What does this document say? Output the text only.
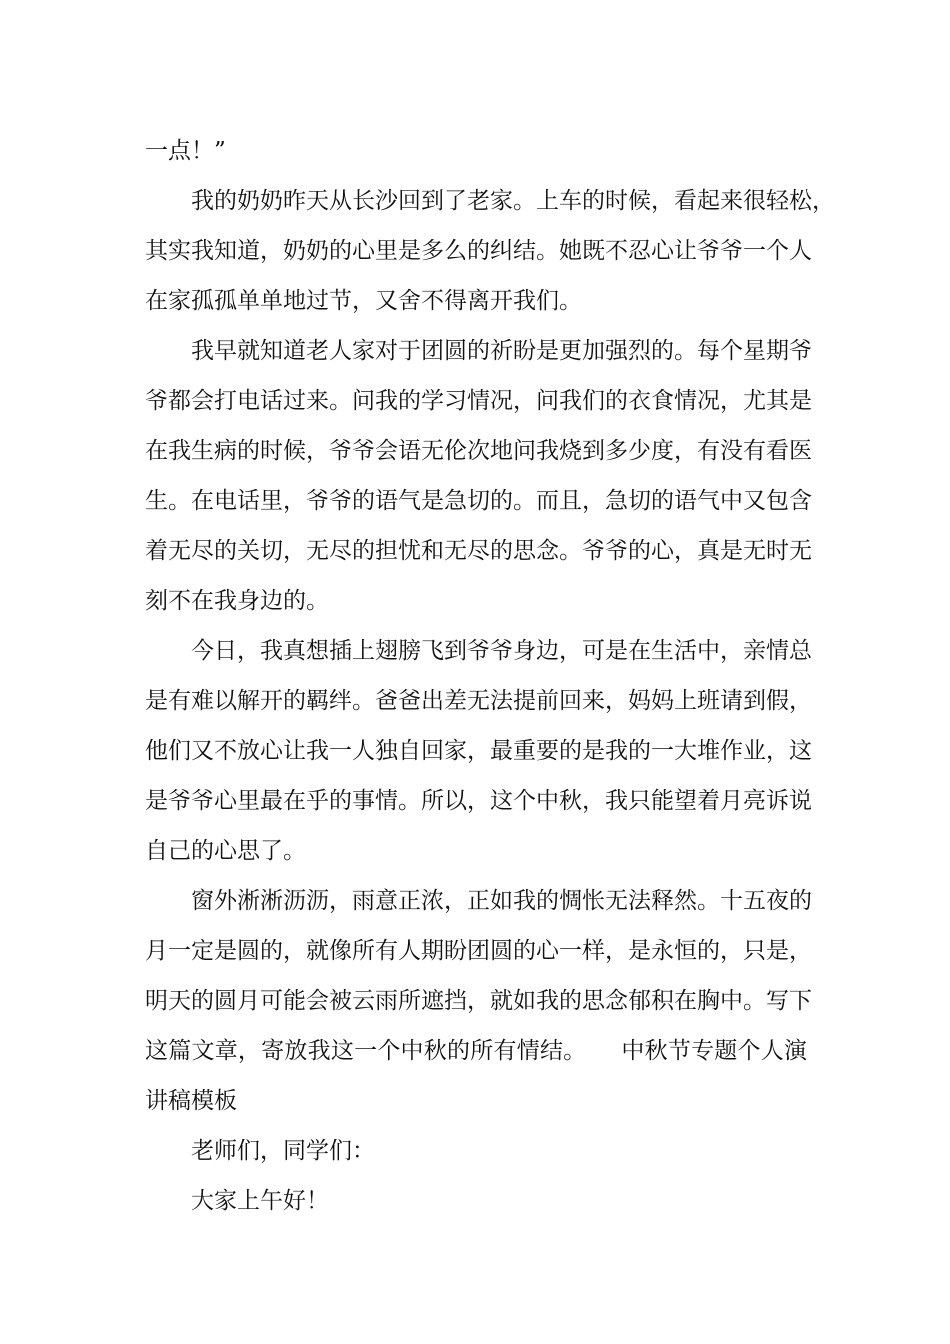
一点！”
我的奶奶昨天从长沙回到了老家。上车的时候，看起来很轻松，
其实我知道，奶奶的心里是多么的纠结。她既不忍心让爷爷一个人
在家孤孤单单地过节，又舍不得离开我们。
我早就知道老人家对于团圆的祈盼是更加强烈的。每个星期爷
爷都会打电话过来。问我的学习情况，问我们的衣食情况，尤其是
在我生病的时候，爷爷会语无伦次地问我烧到多少度，有没有看医
生。在电话里，爷爷的语气是急切的。而且，急切的语气中又包含
着无尽的关切，无尽的担忧和无尽的思念。爷爷的心，真是无时无
刻不在我身边的。
今日，我真想插上翅膀飞到爷爷身边，可是在生活中，亲情总
是有难以解开的羁绊。爸爸出差无法提前回来，妈妈上班请到假，
他们又不放心让我一人独自回家，最重要的是我的一大堆作业，这
是爷爷心里最在乎的事情。所以，这个中秋，我只能望着月亮诉说
自己的心思了。
窗外淅淅沥沥，雨意正浓，正如我的惆怅无法释然。十五夜的
月一定是圆的，就像所有人期盼团圆的心一样，是永恒的，只是，
明天的圆月可能会被云雨所遮挡，就如我的思念郁积在胸中。写下
这篇文章，寄放我这一个中秋的所有情结。　　中秋节专题个人演
讲稿模板
老师们，同学们：
大家上午好！
